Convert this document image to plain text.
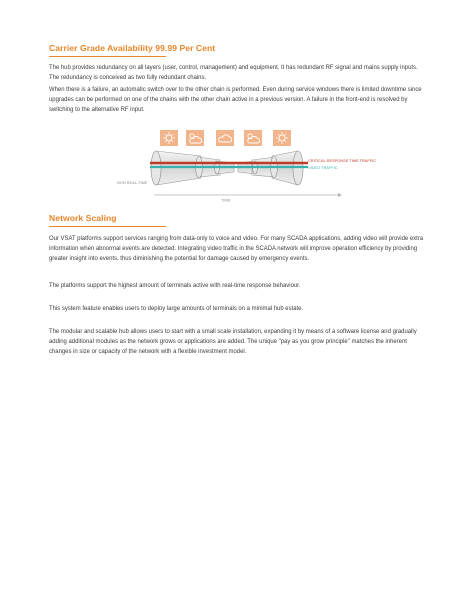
Carrier Grade Availability 99.99 Per Cent

The hub provides redundancy on all layers (user, control, management) and equipment. It has redundant RF signal and mains supply inputs. The redundancy is conceived as two fully redundant chains.

When there is a failure, an automatic switch over to the other chain is performed. Even during service windows there is limited downtime since upgrades can be performed on one of the chains with the other chain active in a previous version. A failure in the front-end is resolved by switching to the alternative RF input.

CRITICAL RESPONSE TIME TRAFFIC
VIDEO TRAFFIC
NON REAL-TIME
TIME
Network Scaling

Our VSAT platforms support services ranging from data-only to voice and video. For many SCADA applications, adding video will provide extra information when abnormal events are detected. Integrating video traffic in the SCADA network will improve operation efficiency by providing greater insight into events, thus diminishing the potential for damage caused by emergency events.

The platforms support the highest amount of terminals active with real-time response behaviour.

This system feature enables users to deploy large amounts of terminals on a minimal hub estate.

The modular and scalable hub allows users to start with a small scale installation, expanding it by means of a software license and gradually adding additional modules as the network grows or applications are added. The unique "pay as you grow principle" matches the inherent changes in size or capacity of the network with a flexible investment model.
